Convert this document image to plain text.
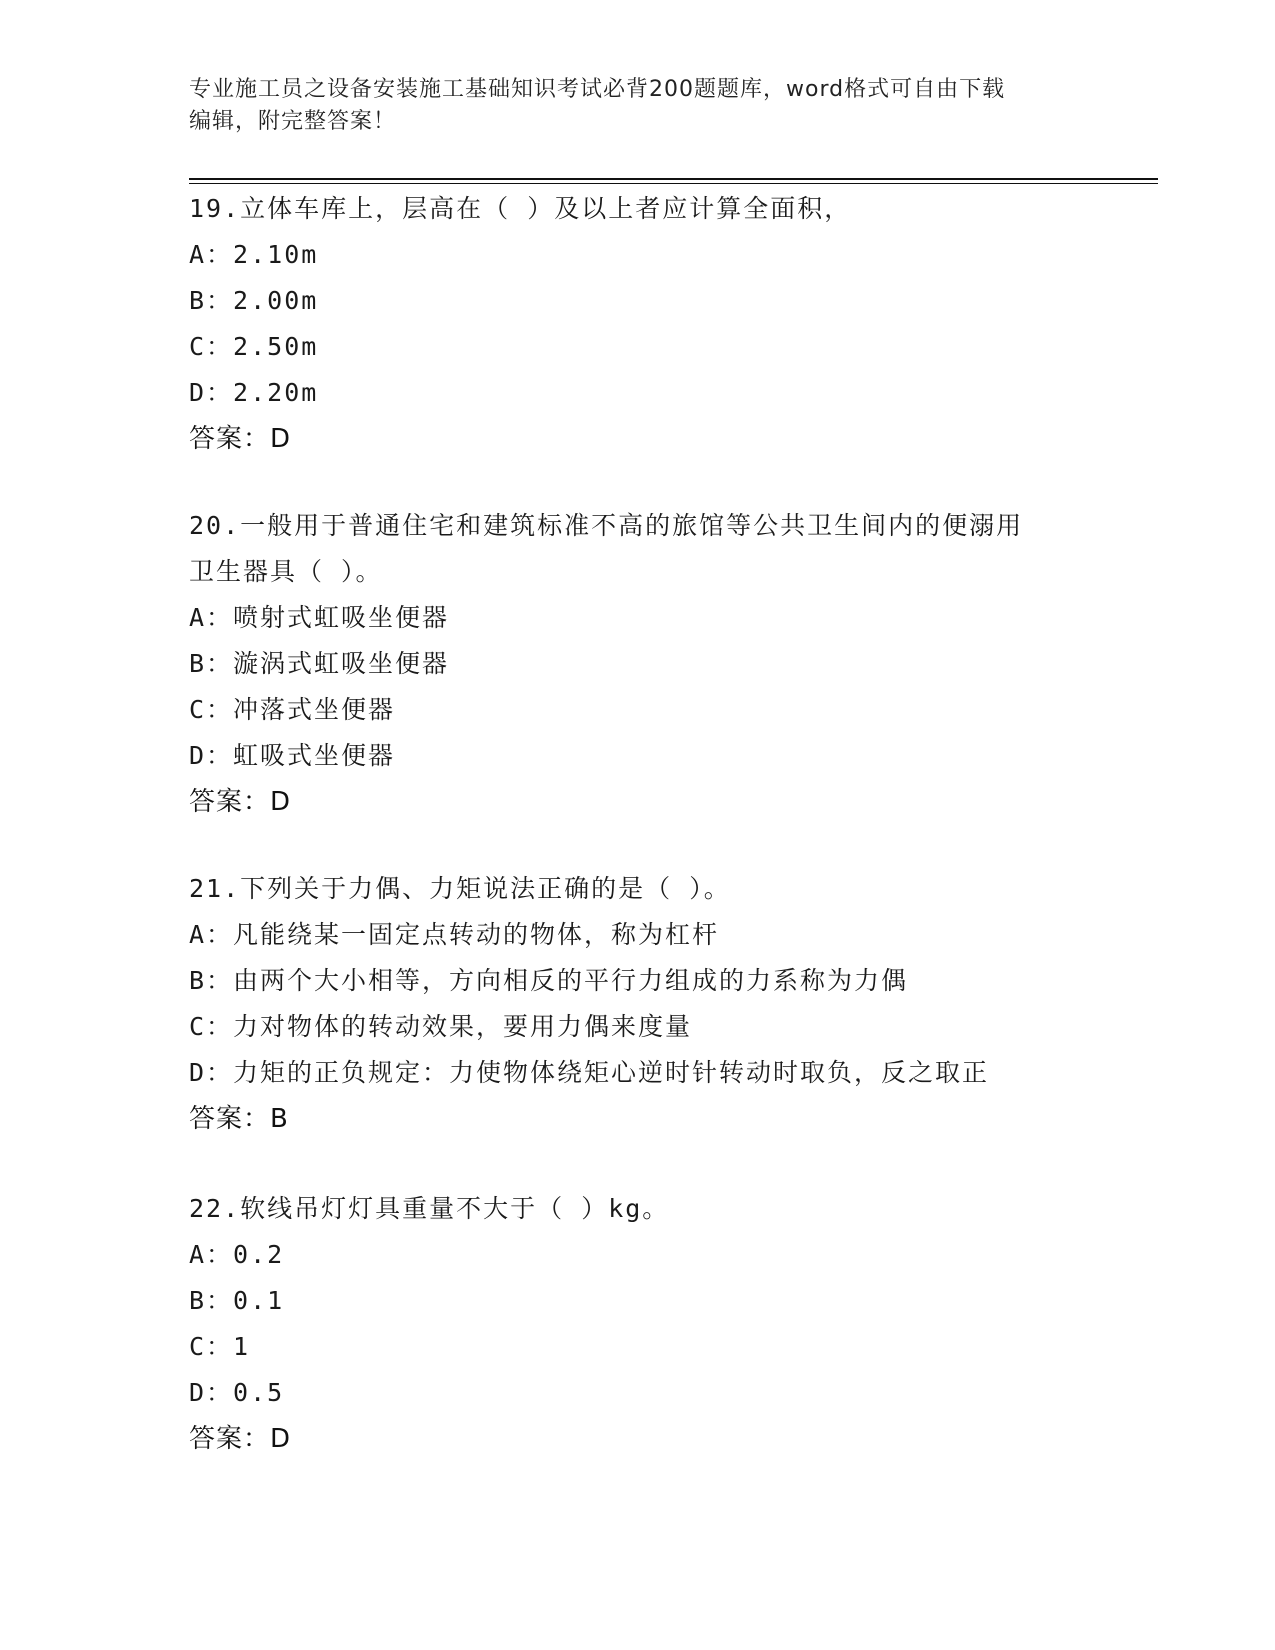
专业施工员之设备安装施工基础知识考试必背200题题库，word格式可自由下载
编辑，附完整答案！
19.立体车库上，层高在（ ）及以上者应计算全面积，
A：2.10m
B：2.00m
C：2.50m
D：2.20m
答案：D
20.一般用于普通住宅和建筑标准不高的旅馆等公共卫生间内的便溺用
卫生器具（ ）。
A：喷射式虹吸坐便器
B：漩涡式虹吸坐便器
C：冲落式坐便器
D：虹吸式坐便器
答案：D
21.下列关于力偶、力矩说法正确的是（ ）。
A：凡能绕某一固定点转动的物体，称为杠杆
B：由两个大小相等，方向相反的平行力组成的力系称为力偶
C：力对物体的转动效果，要用力偶来度量
D：力矩的正负规定：力使物体绕矩心逆时针转动时取负，反之取正
答案：B
22.软线吊灯灯具重量不大于（ ）kg。
A：0.2
B：0.1
C：1
D：0.5
答案：D
